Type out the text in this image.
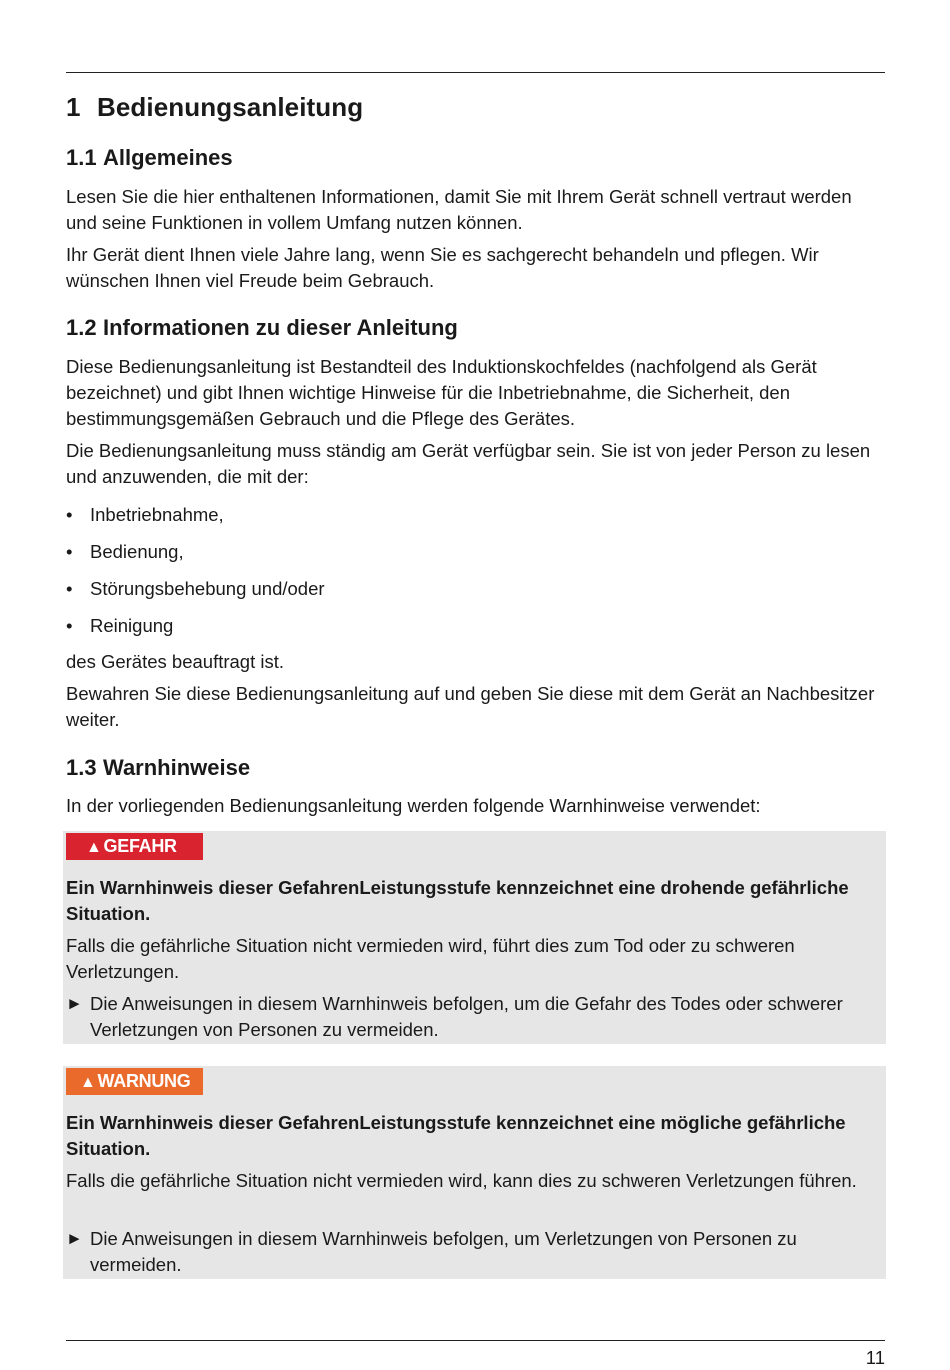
1 Bedienungsanleitung
1.1 Allgemeines
Lesen Sie die hier enthaltenen Informationen, damit Sie mit Ihrem Gerät schnell vertraut werden und seine Funktionen in vollem Umfang nutzen können.
Ihr Gerät dient Ihnen viele Jahre lang, wenn Sie es sachgerecht behandeln und pflegen. Wir wünschen Ihnen viel Freude beim Gebrauch.
1.2 Informationen zu dieser Anleitung
Diese Bedienungsanleitung ist Bestandteil des Induktionskochfeldes (nachfolgend als Gerät bezeichnet) und gibt Ihnen wichtige Hinweise für die Inbetriebnahme, die Sicherheit, den bestimmungsgemäßen Gebrauch und die Pflege des Gerätes.
Die Bedienungsanleitung muss ständig am Gerät verfügbar sein. Sie ist von jeder Person zu lesen und anzuwenden, die mit der:
• Inbetriebnahme,
• Bedienung,
• Störungsbehebung und/oder
• Reinigung
des Gerätes beauftragt ist.
Bewahren Sie diese Bedienungsanleitung auf und geben Sie diese mit dem Gerät an Nachbesitzer weiter.
1.3 Warnhinweise
In der vorliegenden Bedienungsanleitung werden folgende Warnhinweise verwendet:
▲ GEFAHR
Ein Warnhinweis dieser GefahrenLeistungsstufe kennzeichnet eine drohende gefährliche Situation.
Falls die gefährliche Situation nicht vermieden wird, führt dies zum Tod oder zu schweren Verletzungen.
► Die Anweisungen in diesem Warnhinweis befolgen, um die Gefahr des Todes oder schwerer Verletzungen von Personen zu vermeiden.
▲ WARNUNG
Ein Warnhinweis dieser GefahrenLeistungsstufe kennzeichnet eine mögliche gefährliche Situation.
Falls die gefährliche Situation nicht vermieden wird, kann dies zu schweren Verletzungen führen.
► Die Anweisungen in diesem Warnhinweis befolgen, um Verletzungen von Personen zu vermeiden.
11
